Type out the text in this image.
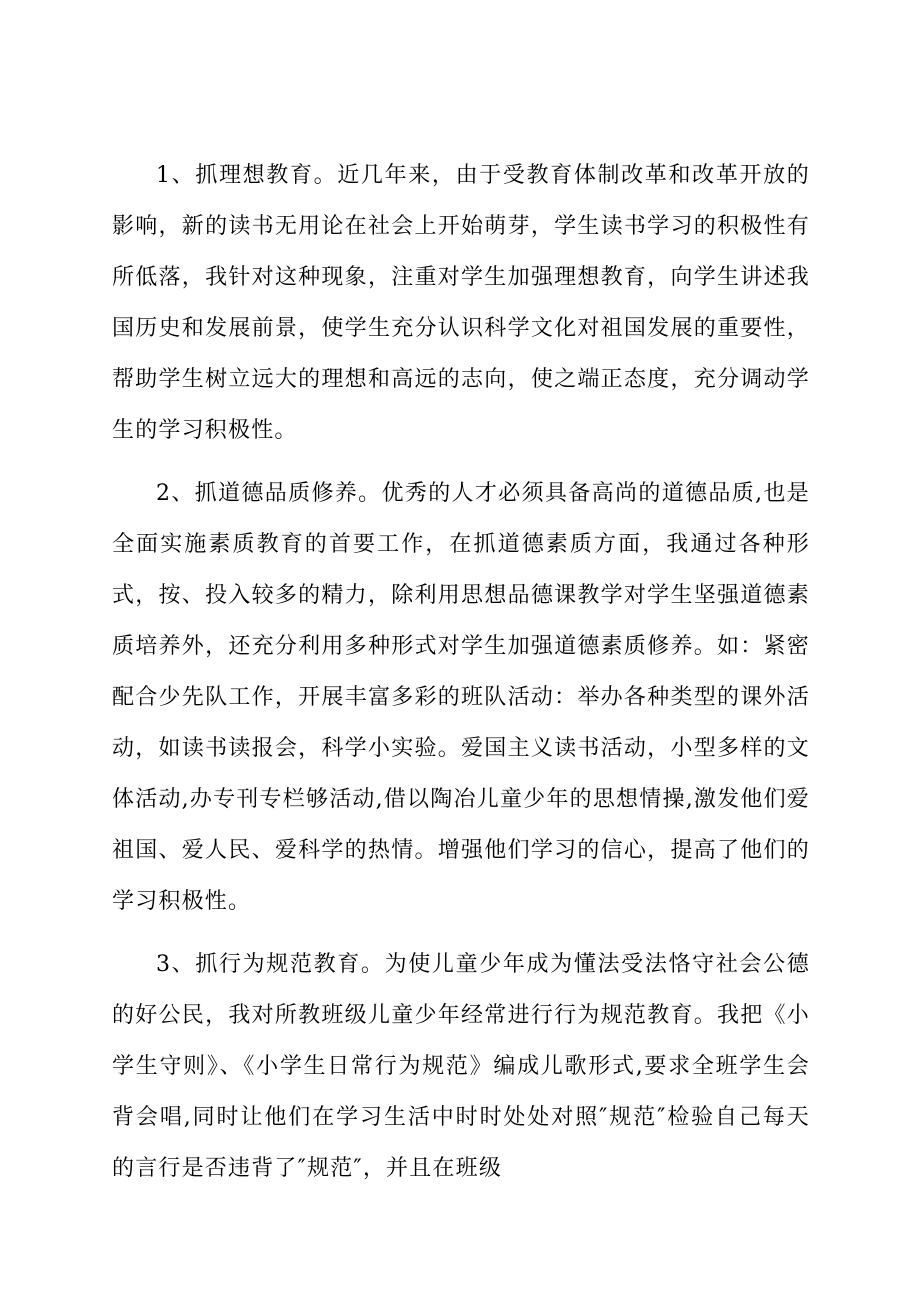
1、抓理想教育。近几年来，由于受教育体制改革和改革开放的影响，新的读书无用论在社会上开始萌芽，学生读书学习的积极性有所低落，我针对这种现象，注重对学生加强理想教育，向学生讲述我国历史和发展前景，使学生充分认识科学文化对祖国发展的重要性，帮助学生树立远大的理想和高远的志向，使之端正态度，充分调动学生的学习积极性。

2、抓道德品质修养。优秀的人才必须具备高尚的道德品质,也是全面实施素质教育的首要工作，在抓道德素质方面，我通过各种形式，按、投入较多的精力，除利用思想品德课教学对学生坚强道德素质培养外，还充分利用多种形式对学生加强道德素质修养。如：紧密配合少先队工作，开展丰富多彩的班队活动：举办各种类型的课外活动，如读书读报会，科学小实验。爱国主义读书活动，小型多样的文体活动,办专刊专栏够活动,借以陶冶儿童少年的思想情操,激发他们爱祖国、爱人民、爱科学的热情。增强他们学习的信心，提高了他们的学习积极性。

3、抓行为规范教育。为使儿童少年成为懂法受法恪守社会公德的好公民，我对所教班级儿童少年经常进行行为规范教育。我把《小学生守则》、《小学生日常行为规范》编成儿歌形式,要求全班学生会背会唱,同时让他们在学习生活中时时处处对照″规范″检验自己每天的言行是否违背了″规范″，并且在班级
